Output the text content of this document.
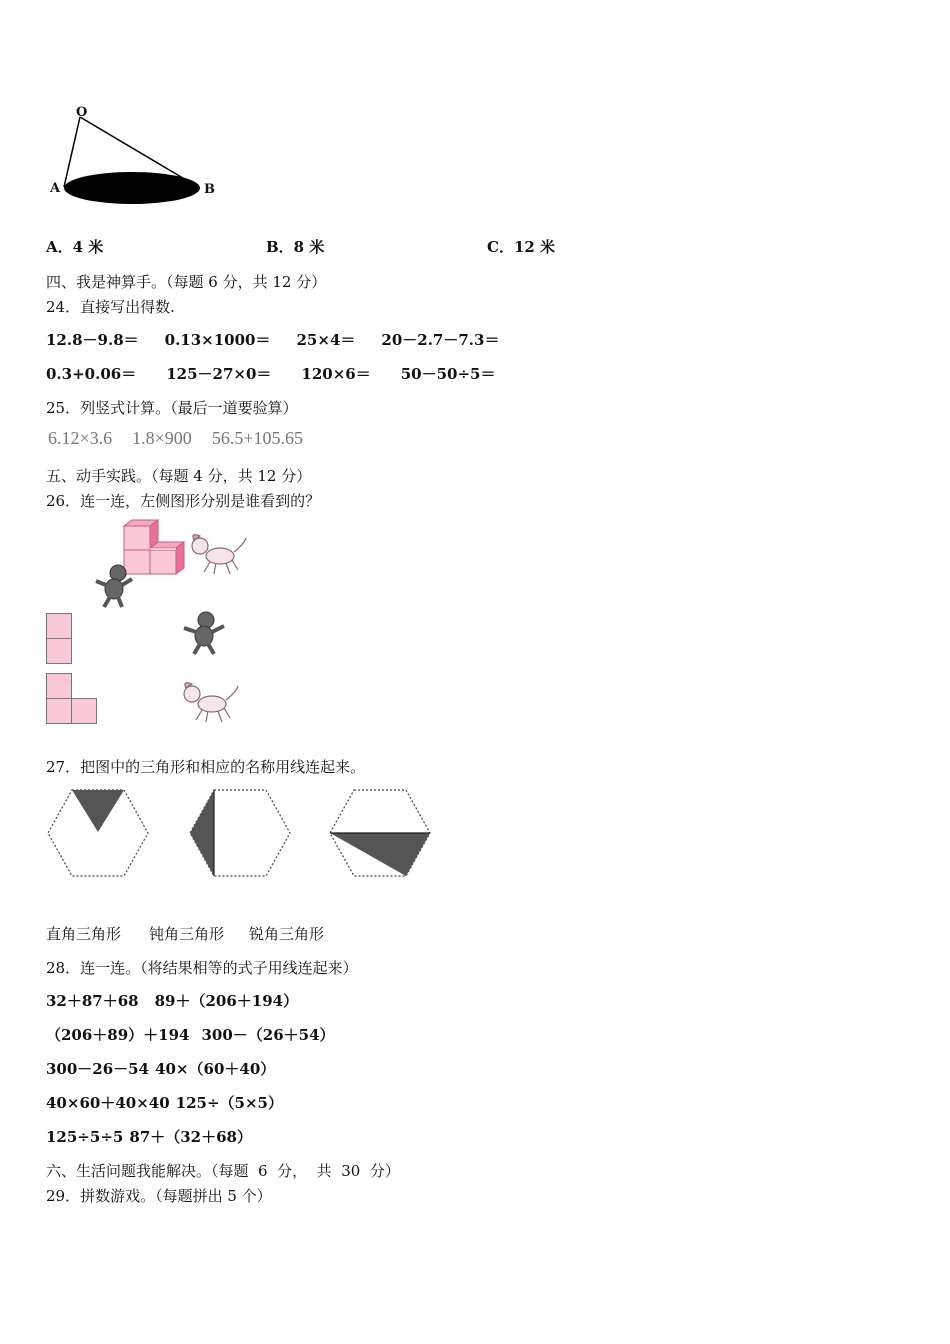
O
A	B
A．4 米	B．8 米	C．12 米
四、我是神算手。（每题 6 分，共 12 分）
24．直接写出得数.
12.8－9.8＝ 0.13×1000＝ 25×4＝ 20－2.7－7.3＝
0.3+0.06＝ 125－27×0＝ 120×6＝ 50－50÷5＝
25．列竖式计算。（最后一道要验算）
6.12×3.6 1.8×900 56.5+105.65
五、动手实践。（每题 4 分，共 12 分）
26．连一连，左侧图形分别是谁看到的？
27．把图中的三角形和相应的名称用线连起来。
直角三角形 钝角三角形 锐角三角形
28．连一连。（将结果相等的式子用线连起来）
32＋87＋68 89＋（206＋194）
（206＋89）＋194 300－（26＋54）
300－26－54 40×（60＋40）
40×60＋40×40 125÷（5×5）
125÷5÷5 87＋（32＋68）
六、生活问题我能解决。（每题  6  分，  共  30  分）
29．拼数游戏。（每题拼出 5 个）
